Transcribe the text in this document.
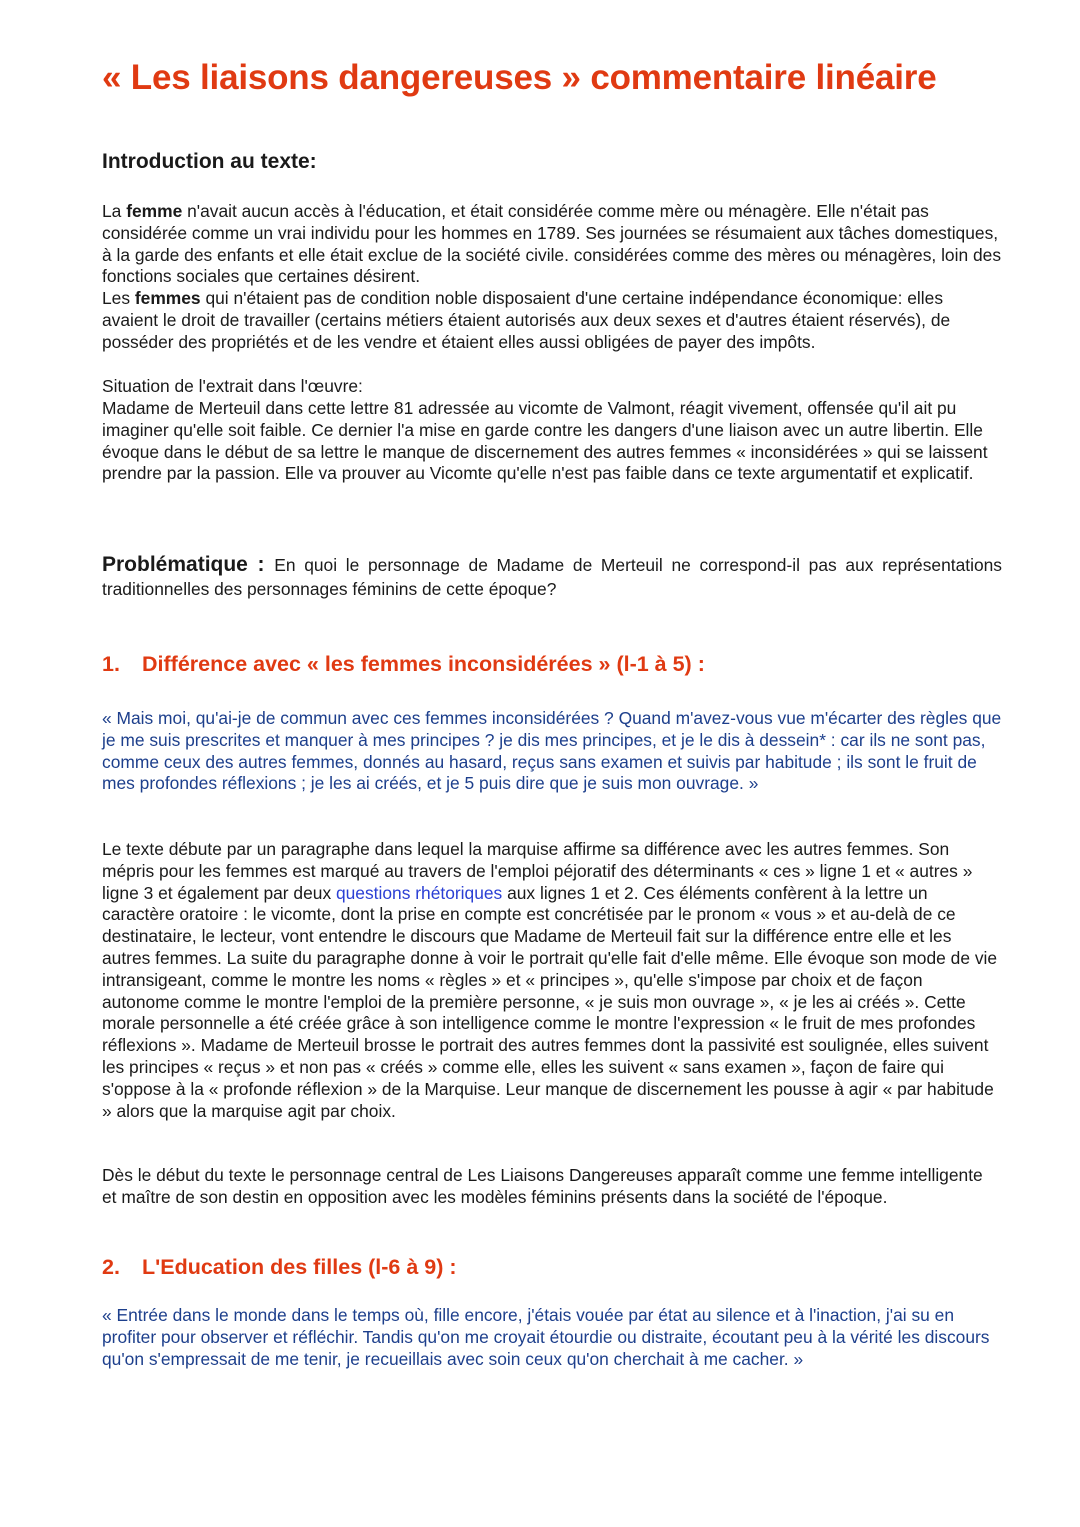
« Les liaisons dangereuses » commentaire linéaire
Introduction au texte:

La femme n'avait aucun accès à l'éducation, et était considérée comme mère ou ménagère. Elle n'était pas considérée comme un vrai individu pour les hommes en 1789. Ses journées se résumaient aux tâches domestiques, à la garde des enfants et elle était exclue de la société civile. considérées comme des mères ou ménagères, loin des fonctions sociales que certaines désirent.

Les femmes qui n'étaient pas de condition noble disposaient d'une certaine indépendance économique: elles avaient le droit de travailler (certains métiers étaient autorisés aux deux sexes et d'autres étaient réservés), de posséder des propriétés et de les vendre et étaient elles aussi obligées de payer des impôts.

Situation de l'extrait dans l'œuvre:

Madame de Merteuil dans cette lettre 81 adressée au vicomte de Valmont, réagit vivement, offensée qu'il ait pu imaginer qu'elle soit faible. Ce dernier l'a mise en garde contre les dangers d'une liaison avec un autre libertin. Elle évoque dans le début de sa lettre le manque de discernement des autres femmes « inconsidérées » qui se laissent prendre par la passion. Elle va prouver au Vicomte qu'elle n'est pas faible dans ce texte argumentatif et explicatif.

Problématique : En quoi le personnage de Madame de Merteuil ne correspond-il pas aux représentations traditionnelles des personnages féminins de cette époque?

1. Différence avec « les femmes inconsidérées » (l-1 à 5) :

« Mais moi, qu'ai-je de commun avec ces femmes inconsidérées ? Quand m'avez-vous vue m'écarter des règles que je me suis prescrites et manquer à mes principes ? je dis mes principes, et je le dis à dessein* : car ils ne sont pas, comme ceux des autres femmes, donnés au hasard, reçus sans examen et suivis par habitude ; ils sont le fruit de mes profondes réflexions ; je les ai créés, et je 5 puis dire que je suis mon ouvrage. »

Le texte débute par un paragraphe dans lequel la marquise affirme sa différence avec les autres femmes. Son mépris pour les femmes est marqué au travers de l'emploi péjoratif des déterminants « ces » ligne 1 et « autres » ligne 3 et également par deux questions rhétoriques aux lignes 1 et 2. Ces éléments confèrent à la lettre un caractère oratoire : le vicomte, dont la prise en compte est concrétisée par le pronom « vous » et au-delà de ce destinataire, le lecteur, vont entendre le discours que Madame de Merteuil fait sur la différence entre elle et les autres femmes. La suite du paragraphe donne à voir le portrait qu'elle fait d'elle même. Elle évoque son mode de vie intransigeant, comme le montre les noms « règles » et « principes », qu'elle s'impose par choix et de façon autonome comme le montre l'emploi de la première personne, « je suis mon ouvrage », « je les ai créés ». Cette morale personnelle a été créée grâce à son intelligence comme le montre l'expression « le fruit de mes profondes réflexions ». Madame de Merteuil brosse le portrait des autres femmes dont la passivité est soulignée, elles suivent les principes « reçus » et non pas « créés » comme elle, elles les suivent « sans examen », façon de faire qui s'oppose à la « profonde réflexion » de la Marquise. Leur manque de discernement les pousse à agir « par habitude » alors que la marquise agit par choix.

Dès le début du texte le personnage central de Les Liaisons Dangereuses apparaît comme une femme intelligente et maître de son destin en opposition avec les modèles féminins présents dans la société de l'époque.

2. L'Education des filles (l-6 à 9) :

« Entrée dans le monde dans le temps où, fille encore, j'étais vouée par état au silence et à l'inaction, j'ai su en profiter pour observer et réfléchir. Tandis qu'on me croyait étourdie ou distraite, écoutant peu à la vérité les discours qu'on s'empressait de me tenir, je recueillais avec soin ceux qu'on cherchait à me cacher. »
